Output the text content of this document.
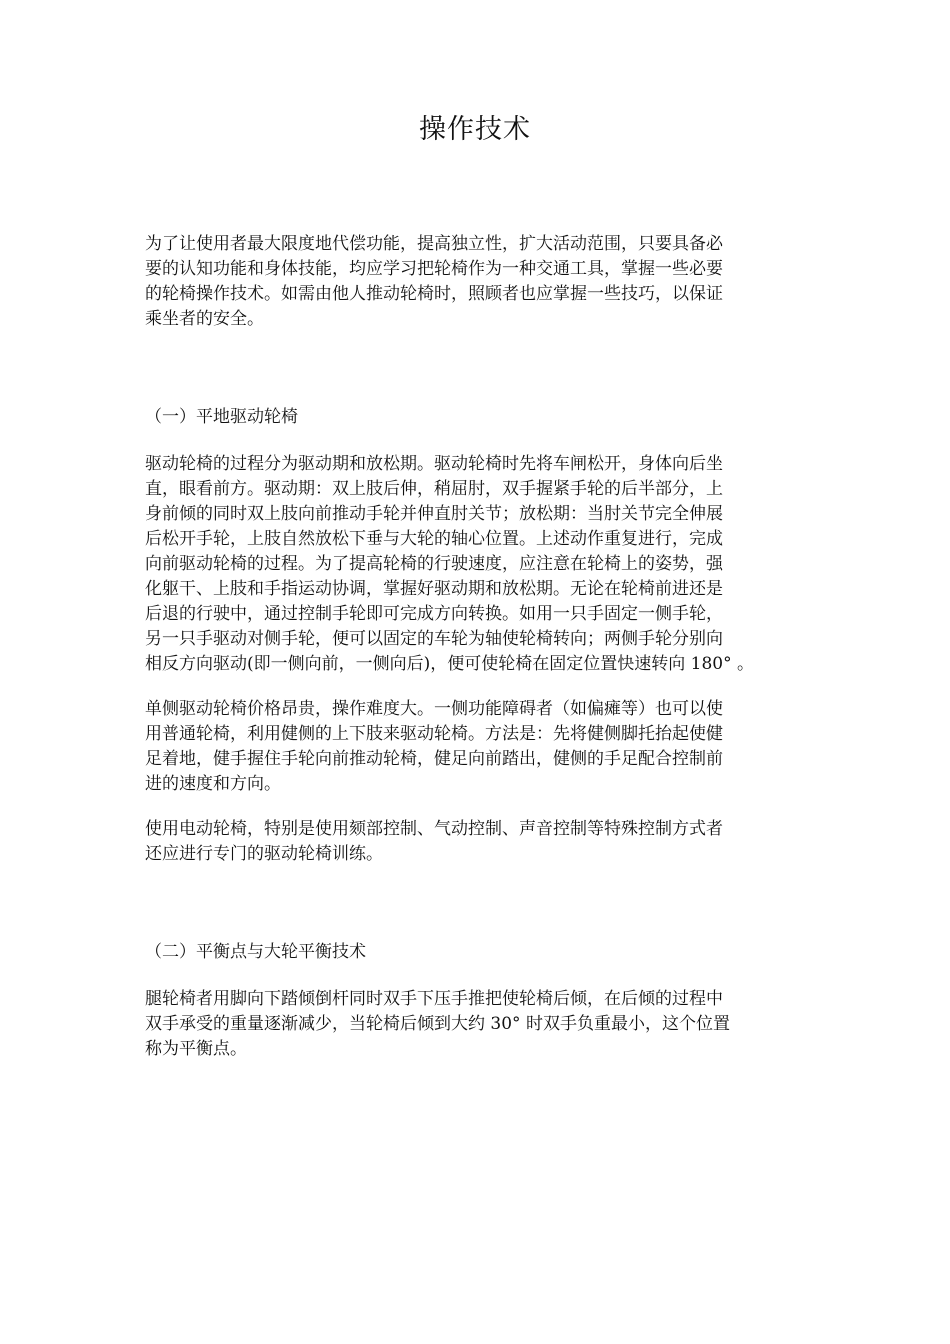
操作技术
为了让使用者最大限度地代偿功能，提高独立性，扩大活动范围，只要具备必
要的认知功能和身体技能，均应学习把轮椅作为一种交通工具，掌握一些必要
的轮椅操作技术。如需由他人推动轮椅时，照顾者也应掌握一些技巧，以保证
乘坐者的安全。
（一）平地驱动轮椅
驱动轮椅的过程分为驱动期和放松期。驱动轮椅时先将车闸松开，身体向后坐
直，眼看前方。驱动期：双上肢后伸，稍屈肘，双手握紧手轮的后半部分，上
身前倾的同时双上肢向前推动手轮并伸直肘关节；放松期：当肘关节完全伸展
后松开手轮，上肢自然放松下垂与大轮的轴心位置。上述动作重复进行，完成
向前驱动轮椅的过程。为了提高轮椅的行驶速度，应注意在轮椅上的姿势，强
化躯干、上肢和手指运动协调，掌握好驱动期和放松期。无论在轮椅前进还是
后退的行驶中，通过控制手轮即可完成方向转换。如用一只手固定一侧手轮，
另一只手驱动对侧手轮，便可以固定的车轮为轴使轮椅转向；两侧手轮分别向
相反方向驱动(即一侧向前，一侧向后)，便可使轮椅在固定位置快速转向 180° 。
单侧驱动轮椅价格昂贵，操作难度大。一侧功能障碍者（如偏瘫等）也可以使
用普通轮椅，利用健侧的上下肢来驱动轮椅。方法是：先将健侧脚托抬起使健
足着地，健手握住手轮向前推动轮椅，健足向前踏出，健侧的手足配合控制前
进的速度和方向。
使用电动轮椅，特别是使用颏部控制、气动控制、声音控制等特殊控制方式者
还应进行专门的驱动轮椅训练。
（二）平衡点与大轮平衡技术
腿轮椅者用脚向下踏倾倒杆同时双手下压手推把使轮椅后倾，在后倾的过程中
双手承受的重量逐渐减少，当轮椅后倾到大约 30° 时双手负重最小，这个位置
称为平衡点。
